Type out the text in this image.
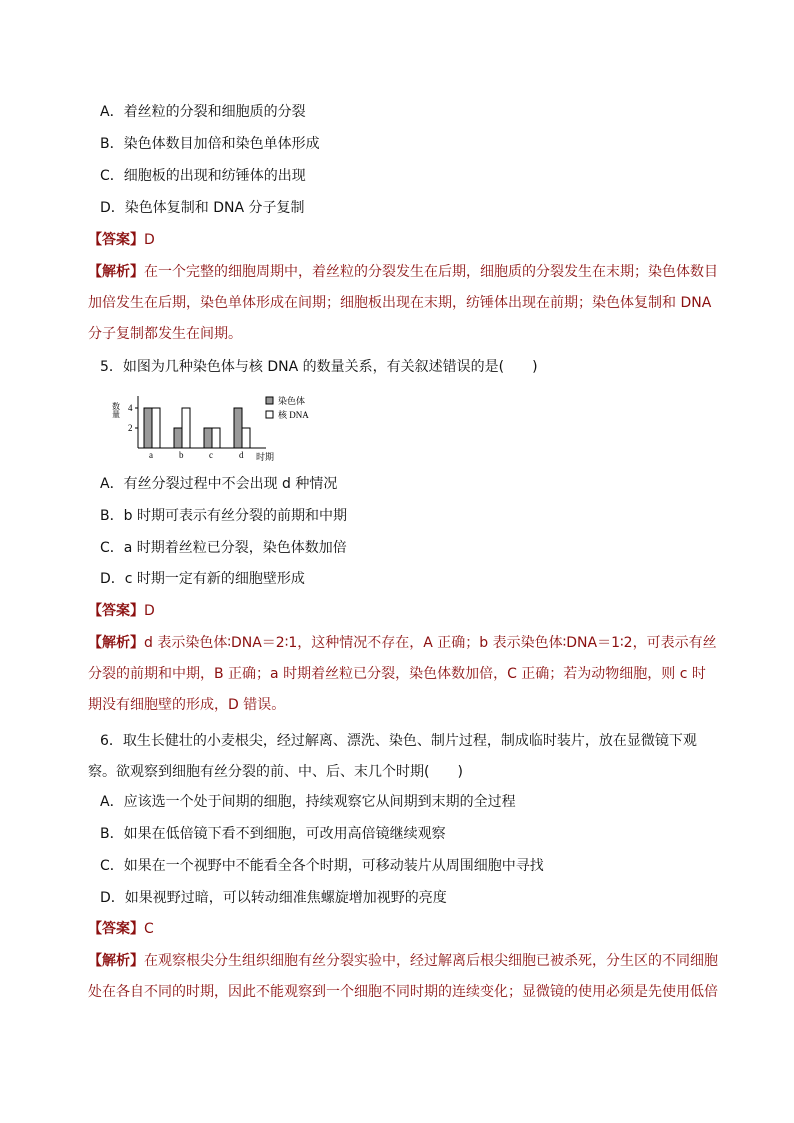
A．着丝粒的分裂和细胞质的分裂
B．染色体数目加倍和染色单体形成
C．细胞板的出现和纺锤体的出现
D．染色体复制和 DNA 分子复制
【答案】D
【解析】在一个完整的细胞周期中，着丝粒的分裂发生在后期，细胞质的分裂发生在末期；染色体数目加倍发生在后期，染色单体形成在间期；细胞板出现在末期，纺锤体出现在前期；染色体复制和 DNA 分子复制都发生在间期。
5．如图为几种染色体与核 DNA 的数量关系，有关叙述错误的是(　　)
数量
2
4
a	b	c	d 时期
染色体
核 DNA
A．有丝分裂过程中不会出现 d 种情况
B．b 时期可表示有丝分裂的前期和中期
C．a 时期着丝粒已分裂，染色体数加倍
D．c 时期一定有新的细胞壁形成
【答案】D
【解析】d 表示染色体∶DNA＝2∶1，这种情况不存在，A 正确；b 表示染色体∶DNA＝1∶2，可表示有丝分裂的前期和中期，B 正确；a 时期着丝粒已分裂，染色体数加倍，C 正确；若为动物细胞，则 c 时期没有细胞壁的形成，D 错误。
6．取生长健壮的小麦根尖，经过解离、漂洗、染色、制片过程，制成临时装片，放在显微镜下观察。欲观察到细胞有丝分裂的前、中、后、末几个时期(　　)
A．应该选一个处于间期的细胞，持续观察它从间期到末期的全过程
B．如果在低倍镜下看不到细胞，可改用高倍镜继续观察
C．如果在一个视野中不能看全各个时期，可移动装片从周围细胞中寻找
D．如果视野过暗，可以转动细准焦螺旋增加视野的亮度
【答案】C
【解析】在观察根尖分生组织细胞有丝分裂实验中，经过解离后根尖细胞已被杀死，分生区的不同细胞处在各自不同的时期，因此不能观察到一个细胞不同时期的连续变化；显微镜的使用必须是先使用低倍
